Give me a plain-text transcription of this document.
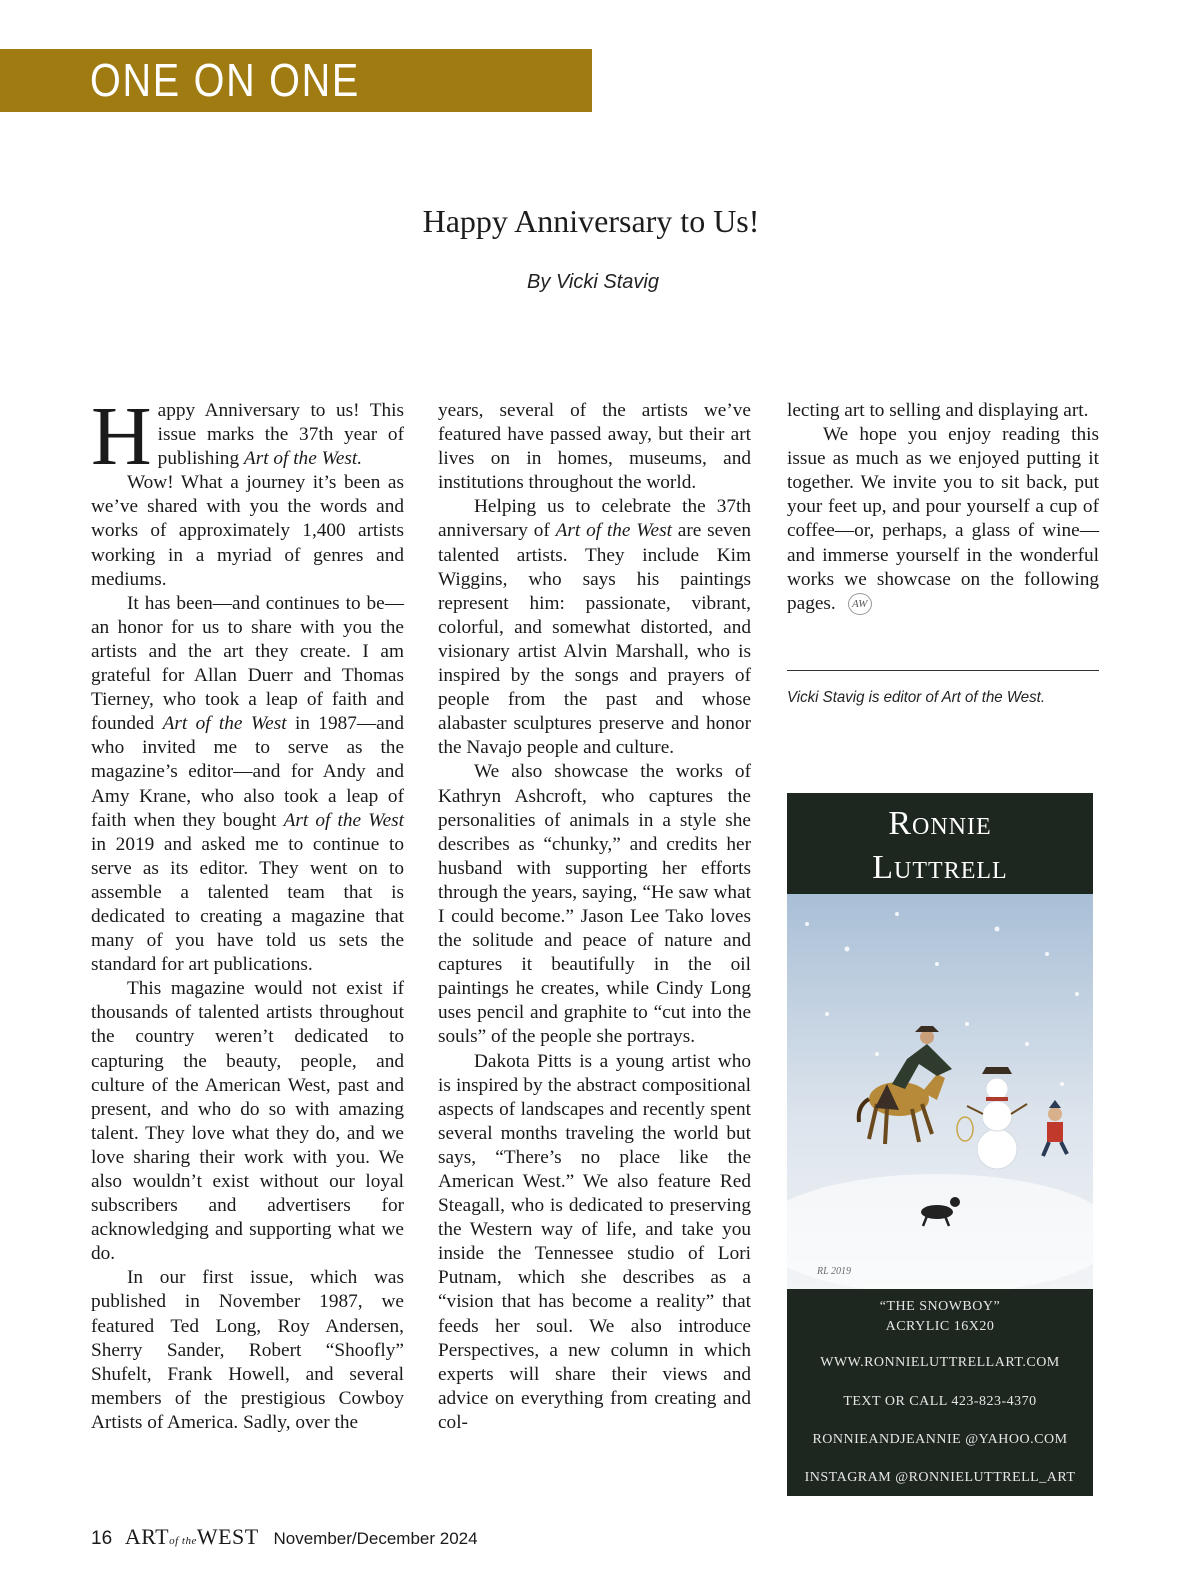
ONE ON ONE
Happy Anniversary to Us!
By Vicki Stavig

Happy Anniversary to us! This issue marks the 37th year of publishing Art of the West.

Wow! What a journey it’s been as we’ve shared with you the words and works of approximately 1,400 artists working in a myriad of genres and mediums.

It has been—and continues to be—an honor for us to share with you the artists and the art they create. I am grateful for Allan Duerr and Thomas Tierney, who took a leap of faith and founded Art of the West in 1987—and who invited me to serve as the magazine’s editor—and for Andy and Amy Krane, who also took a leap of faith when they bought Art of the West in 2019 and asked me to continue to serve as its editor. They went on to assemble a talented team that is dedicated to creating a magazine that many of you have told us sets the standard for art publications.

This magazine would not exist if thousands of talented artists throughout the country weren’t dedicated to capturing the beauty, people, and culture of the American West, past and present, and who do so with amazing talent. They love what they do, and we love sharing their work with you. We also wouldn’t exist without our loyal subscribers and advertisers for acknowledging and supporting what we do.

In our first issue, which was published in November 1987, we featured Ted Long, Roy Andersen, Sherry Sander, Robert “Shoofly” Shufelt, Frank Howell, and several members of the prestigious Cowboy Artists of America. Sadly, over the

years, several of the artists we’ve featured have passed away, but their art lives on in homes, museums, and institutions throughout the world.

Helping us to celebrate the 37th anniversary of Art of the West are seven talented artists. They include Kim Wiggins, who says his paintings represent him: passionate, vibrant, colorful, and somewhat distorted, and visionary artist Alvin Marshall, who is inspired by the songs and prayers of people from the past and whose alabaster sculptures preserve and honor the Navajo people and culture.

We also showcase the works of Kathryn Ashcroft, who captures the personalities of animals in a style she describes as “chunky,” and credits her husband with supporting her efforts through the years, saying, “He saw what I could become.” Jason Lee Tako loves the solitude and peace of nature and captures it beautifully in the oil paintings he creates, while Cindy Long uses pencil and graphite to “cut into the souls” of the people she portrays.

Dakota Pitts is a young artist who is inspired by the abstract compositional aspects of landscapes and recently spent several months traveling the world but says, “There’s no place like the American West.” We also feature Red Steagall, who is dedicated to preserving the Western way of life, and take you inside the Tennessee studio of Lori Putnam, which she describes as a “vision that has become a reality” that feeds her soul. We also introduce Perspectives, a new column in which experts will share their views and advice on everything from creating and col-

lecting art to selling and displaying art.

We hope you enjoy reading this issue as much as we enjoyed putting it together. We invite you to sit back, put your feet up, and pour yourself a cup of coffee—or, perhaps, a glass of wine—and immerse yourself in the wonderful works we showcase on the following pages. AW

Vicki Stavig is editor of Art of the West.
Ronnie
Luttrell
RL 2019
“THE SNOWBOY”
ACRYLIC 16X20
WWW.RONNIELUTTRELLART.COM
TEXT OR CALL 423-823-4370
RONNIEANDJEANNIE @YAHOO.COM
INSTAGRAM @RONNIELUTTRELL_ART
16 ARTof theWEST November/December 2024
